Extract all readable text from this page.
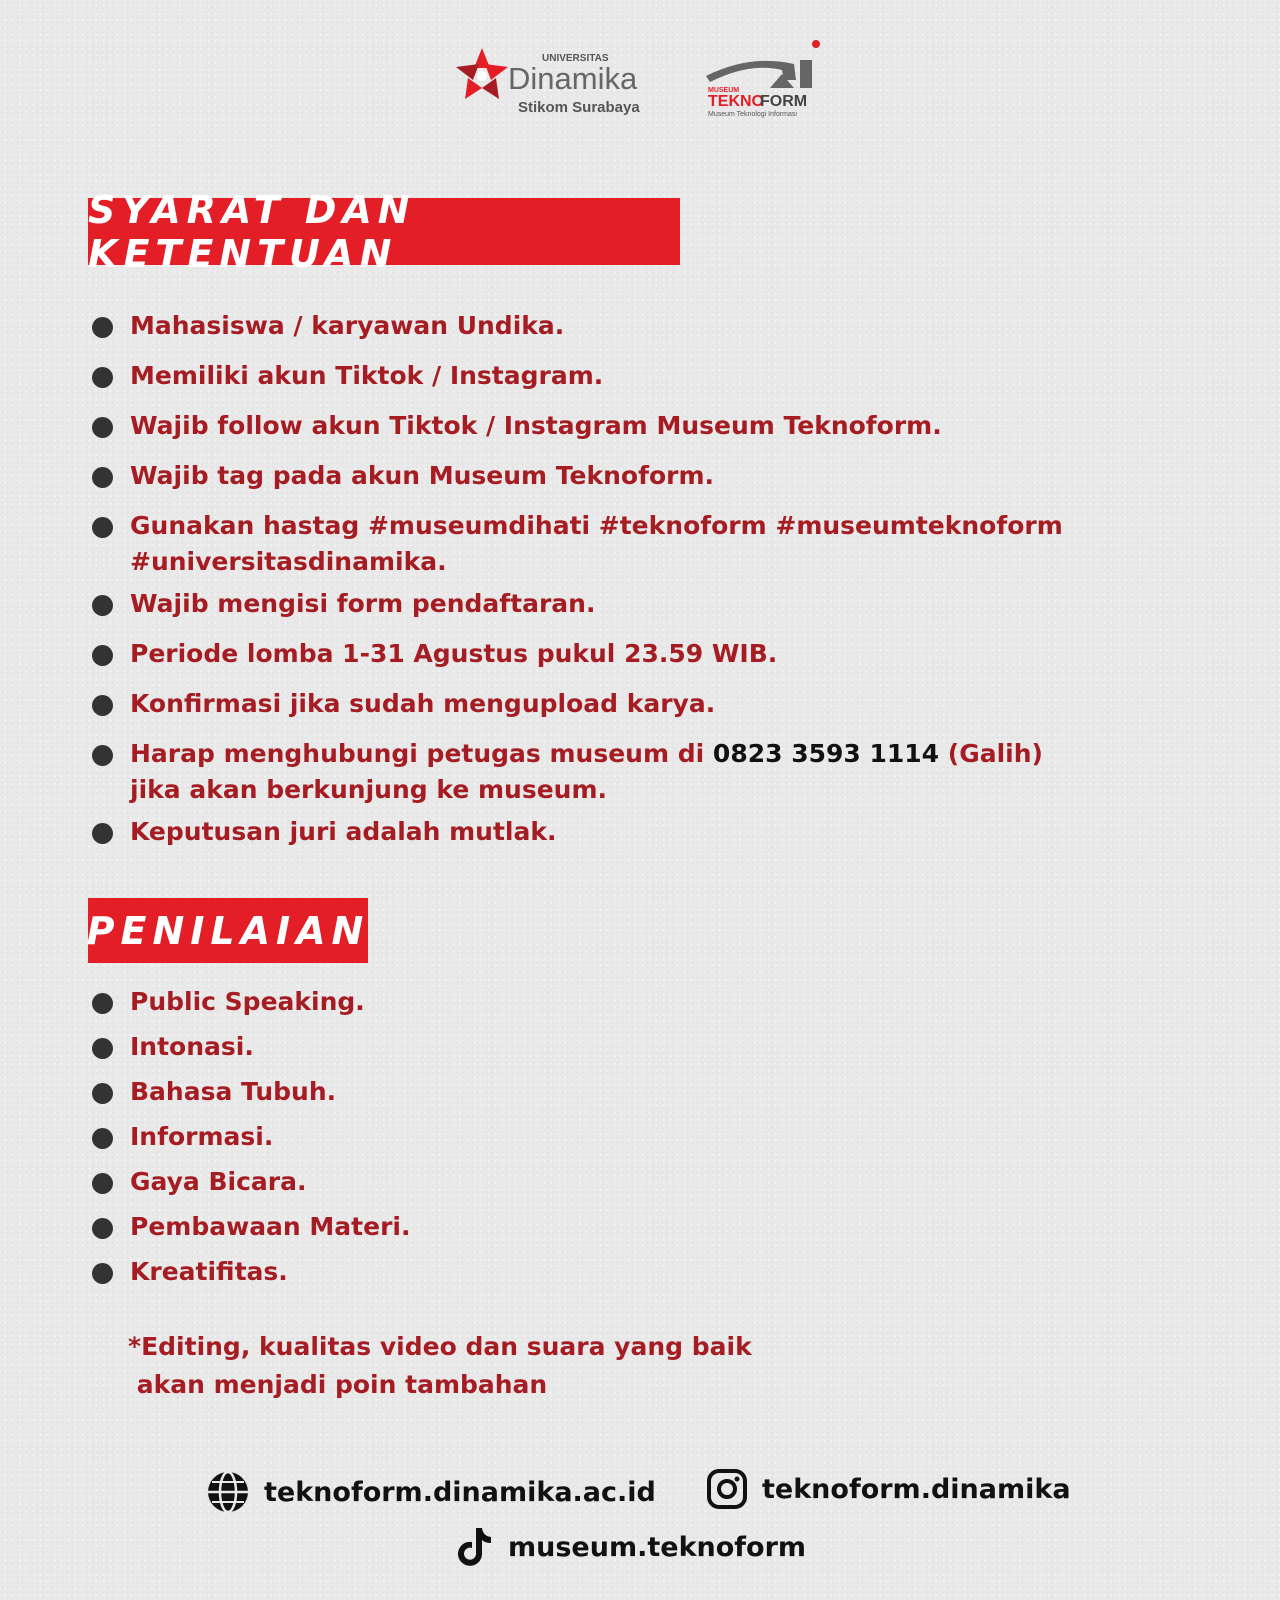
UNIVERSITAS
Dinamika
Stikom Surabaya
MUSEUM
TEKNO
FORM
Museum Teknologi Informasi
SYARAT DAN KETENTUAN
Mahasiswa / karyawan Undika.
Memiliki akun Tiktok / Instagram.
Wajib follow akun Tiktok / Instagram Museum Teknoform.
Wajib tag pada akun Museum Teknoform.
Gunakan hastag #museumdihati #teknoform #museumteknoform
#universitasdinamika.
Wajib mengisi form pendaftaran.
Periode lomba 1-31 Agustus pukul 23.59 WIB.
Konfirmasi jika sudah mengupload karya.
Harap menghubungi petugas museum di 0823 3593 1114 (Galih)
jika akan berkunjung ke museum.
Keputusan juri adalah mutlak.
PENILAIAN
Public Speaking.
Intonasi.
Bahasa Tubuh.
Informasi.
Gaya Bicara.
Pembawaan Materi.
Kreatifitas.
*Editing, kualitas video dan suara yang baik
akan menjadi poin tambahan
teknoform.dinamika.ac.id	teknoform.dinamika
museum.teknoform
